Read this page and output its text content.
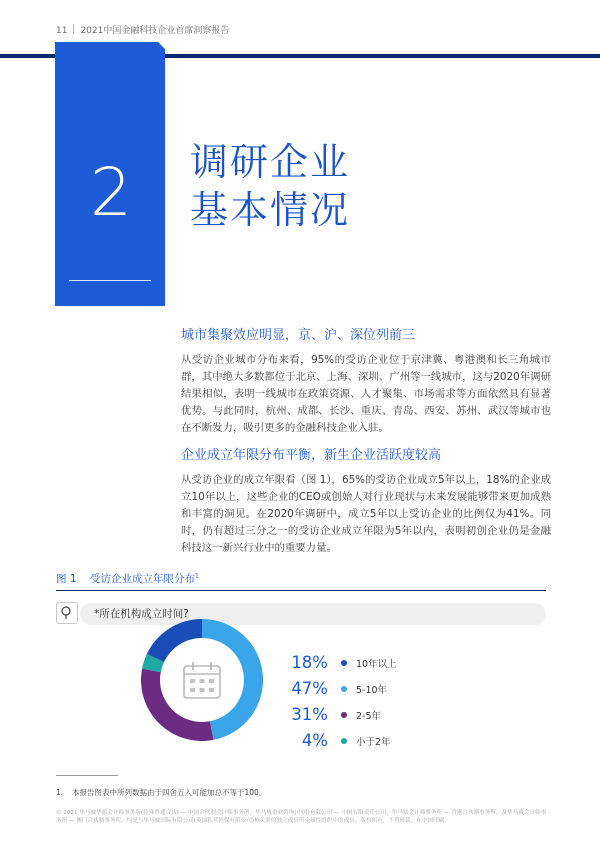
11 2021中国金融科技企业首席洞察报告
2	调研企业
基本情况
城市集聚效应明显，京、沪、深位列前三

从受访企业城市分布来看，95%的受访企业位于京津冀、粤港澳和长三角城市群，其中绝大多数都位于北京、上海、深圳、广州等一线城市，这与2020年调研结果相似，表明一线城市在政策资源、人才聚集、市场需求等方面依然具有显著优势。与此同时，杭州、成都、长沙、重庆、青岛、西安、苏州、武汉等城市也在不断发力，吸引更多的金融科技企业入驻。

企业成立年限分布平衡，新生企业活跃度较高

从受访企业的成立年限看（图 1），65%的受访企业成立5年以上，18%的企业成立10年以上，这些企业的CEO或创始人对行业现状与未来发展能够带来更加成熟和丰富的洞见。在2020年调研中，成立5年以上受访企业的比例仅为41%。同时，仍有超过三分之一的受访企业成立年限为5年以内，表明初创企业仍是金融科技这一新兴行业中的重要力量。

图 1 受访企业成立年限分布$^1$
*所在机构成立时间?
18%	10年以上
47%	5-10年
31%	2-5年
4%	小于2年
1. 本报告图表中所列数据由于四舍五入可能加总不等于100。
© 2021 毕马威华振会计师事务所(特殊普通合伙) — 中国合伙制会计师事务所，毕马威企业咨询(中国)有限公司 — 中国有限责任公司，毕马威会计师事务所 — 香港合伙制事务所，及毕马威会计师事务所 — 澳门合伙制事务所，均是与毕马威国际有限公司(英国私营担保有限公司)相关联的独立成员所全球性组织中的成员。版权所有，不得转载。在中国印刷。
